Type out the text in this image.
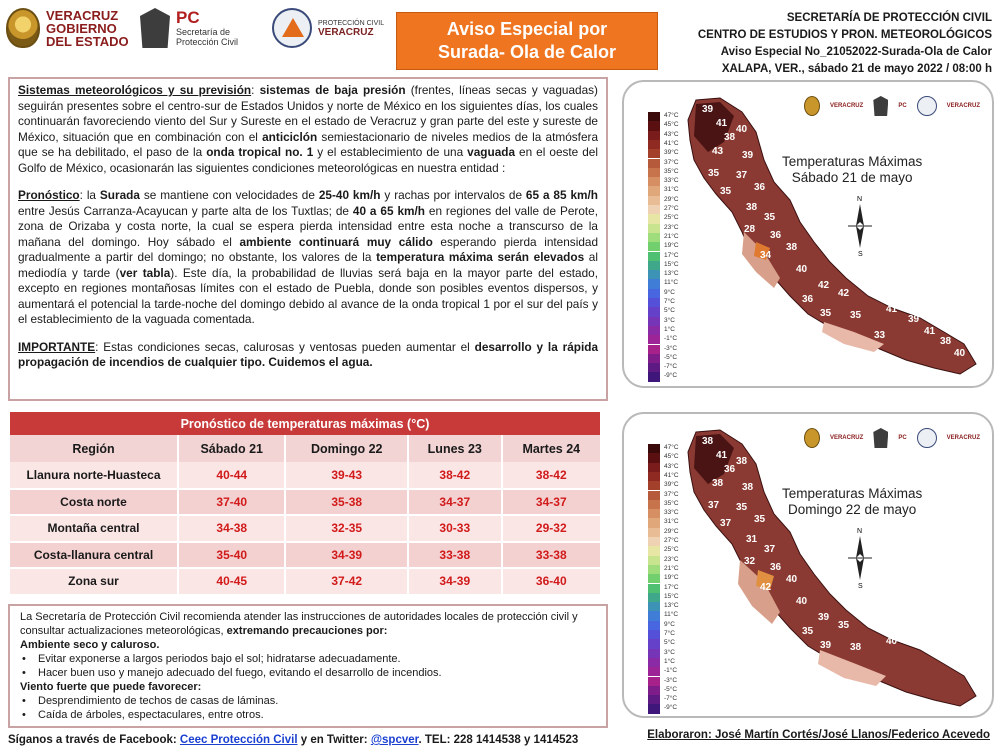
VERACRUZ
GOBIERNO
DEL ESTADO
PC
Secretaría de
Protección Civil
PROTECCIÓN CIVIL
VERACRUZ	Aviso Especial por
Surada- Ola de Calor
SECRETARÍA DE PROTECCIÓN CIVIL
CENTRO DE ESTUDIOS Y PRON. METEOROLÓGICOS
Aviso Especial No_21052022-Surada-Ola de Calor
XALAPA, VER., sábado 21 de mayo 2022 / 08:00 h

Sistemas meteorológicos y su previsión: sistemas de baja presión (frentes, líneas secas y vaguadas) seguirán presentes sobre el centro-sur de Estados Unidos y norte de México en los siguientes días, los cuales continuarán favoreciendo viento del Sur y Sureste en el estado de Veracruz y gran parte del este y sureste de México, situación que en combinación con el anticiclón semiestacionario de niveles medios de la atmósfera que se ha debilitado, el paso de la onda tropical no. 1 y el establecimiento de una vaguada en el oeste del Golfo de México, ocasionarán las siguientes condiciones meteorológicas en nuestra entidad :

Pronóstico: la Surada se mantiene con velocidades de 25-40 km/h y rachas por intervalos de 65 a 85 km/h entre Jesús Carranza-Acayucan y parte alta de los Tuxtlas; de 40 a 65 km/h en regiones del valle de Perote, zona de Orizaba y costa norte, la cual se espera pierda intensidad entre esta noche a transcurso de la mañana del domingo. Hoy sábado el ambiente continuará muy cálido esperando pierda intensidad gradualmente a partir del domingo; no obstante, los valores de la temperatura máxima serán elevados al mediodía y tarde (ver tabla). Este día, la probabilidad de lluvias será baja en la mayor parte del estado, excepto en regiones montañosas límites con el estado de Puebla, donde son posibles eventos dispersos, y aumentará el potencial la tarde-noche del domingo debido al avance de la onda tropical 1 por el sur del país y el establecimiento de la vaguada comentada.

IMPORTANTE: Estas condiciones secas, calurosas y ventosas pueden aumentar el desarrollo y la rápida propagación de incendios de cualquier tipo. Cuidemos el agua.

Pronóstico de temperaturas máximas (°C)				
Región	Sábado 21	Domingo 22	Lunes 23	Martes 24
Llanura norte-Huasteca	40-44	39-43	38-42	38-42
Costa norte	37-40	35-38	34-37	34-37
Montaña central	34-38	32-35	30-33	29-32
Costa-llanura central	35-40	34-39	33-38	33-38
Zona sur	40-45	37-42	34-39	36-40
La Secretaría de Protección Civil recomienda atender las instrucciones de autoridades locales de protección civil y consultar actualizaciones meteorológicas, extremando precauciones por:
Ambiente seco y caluroso.
• Evitar exponerse a largos periodos bajo el sol; hidratarse adecuadamente.
• Hacer buen uso y manejo adecuado del fuego, evitando el desarrollo de incendios.
Viento fuerte que puede favorecer:
• Desprendimiento de techos de casas de láminas.
• Caída de árboles, espectaculares, entre otros.
Síganos a través de Facebook: Ceec Protección Civil y en Twitter: @spcver. TEL: 228 1414538 y 1414523	Elaboraron: José Martín Cortés/José Llanos/Federico Acevedo
N
S
39
41
38
40
43 39
35 37
36
35
38
35
28
36
38
34
40
42
42
36
35 35
41
39
41
38
40
33
47°C
45°C
43°C
41°C
39°C
37°C
35°C
33°C
31°C
29°C
27°C
25°C
23°C
21°C
19°C
17°C
15°C
13°C
11°C
9°C
7°C
5°C
3°C
1°C
-1°C
-3°C
-5°C
-7°C
-9°C
VERACRUZ	PC	VERACRUZ
Temperaturas Máximas
Sábado 21 de mayo
N
S
38
41
36
38
38 38
37 35
35
37
31
37
32
36
40
42
40
39
35
35
39 38
40
47°C
45°C
43°C
41°C
39°C
37°C
35°C
33°C
31°C
29°C
27°C
25°C
23°C
21°C
19°C
17°C
15°C
13°C
11°C
9°C
7°C
5°C
3°C
1°C
-1°C
-3°C
-5°C
-7°C
-9°C
VERACRUZ	PC	VERACRUZ
Temperaturas Máximas
Domingo 22 de mayo
